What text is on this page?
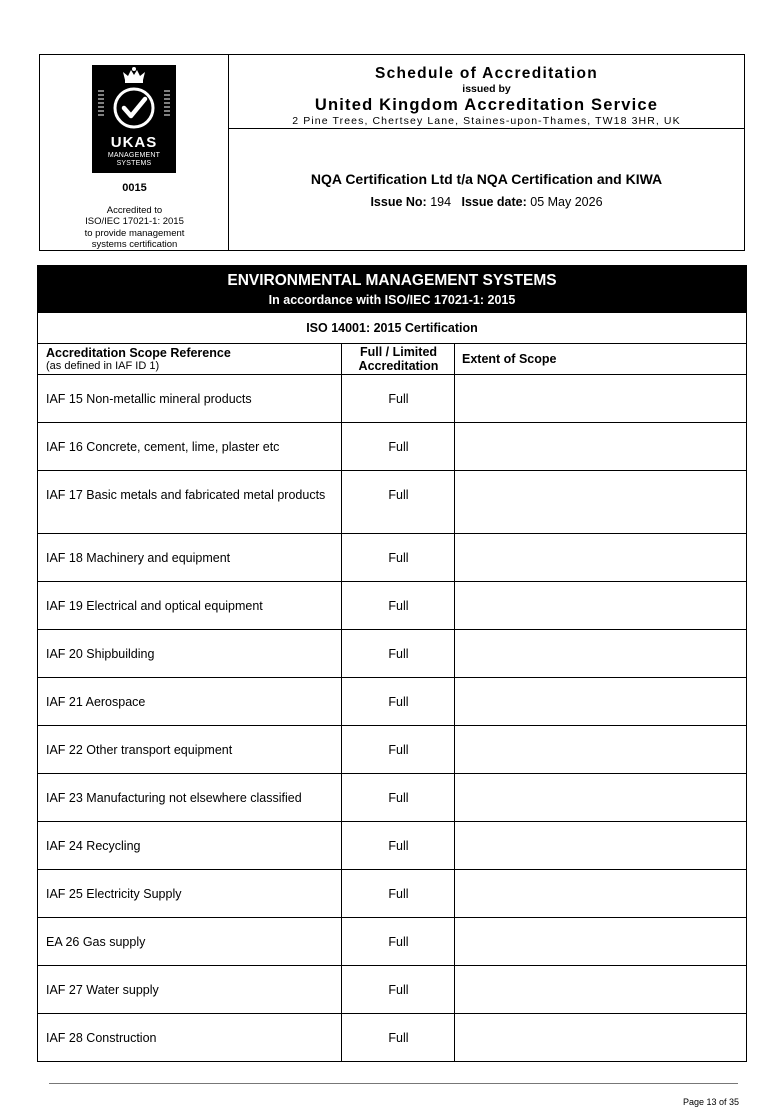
UKAS
MANAGEMENT
SYSTEMS
0015
Accredited to
ISO/IEC 17021-1: 2015
to provide management
systems certification
Schedule of Accreditation
issued by
United Kingdom Accreditation Service
2 Pine Trees, Chertsey Lane, Staines-upon-Thames, TW18 3HR, UK
NQA Certification Ltd t/a NQA Certification and KIWA
Issue No: 194 Issue date: 05 May 2026
ENVIRONMENTAL MANAGEMENT SYSTEMS
In accordance with ISO/IEC 17021-1: 2015
ISO 14001: 2015 Certification
Accreditation Scope Reference
(as defined in IAF ID 1)
Full / Limited
Accreditation	Extent of Scope
IAF 15 Non-metallic mineral products	Full
IAF 16 Concrete, cement, lime, plaster etc	Full
IAF 17 Basic metals and fabricated metal products	Full
IAF 18 Machinery and equipment	Full
IAF 19 Electrical and optical equipment	Full
IAF 20 Shipbuilding	Full
IAF 21 Aerospace	Full
IAF 22 Other transport equipment	Full
IAF 23 Manufacturing not elsewhere classified	Full
IAF 24 Recycling	Full
IAF 25 Electricity Supply	Full
EA 26 Gas supply	Full
IAF 27 Water supply	Full
IAF 28 Construction	Full
Page 13 of 35
